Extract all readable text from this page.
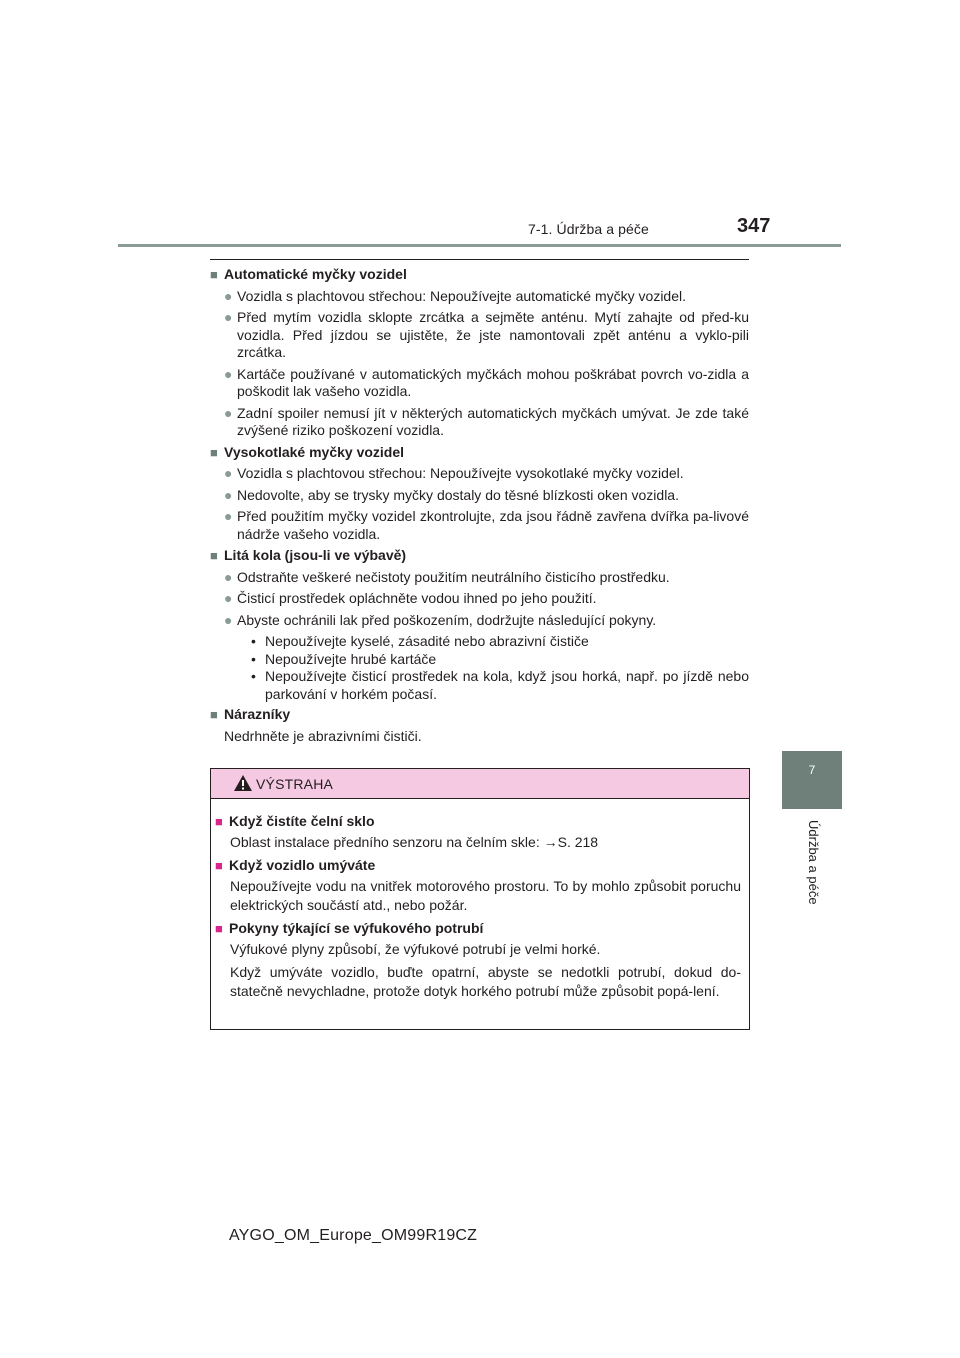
7-1. Údržba a péče	347
7
Údržba a péče
■ Automatické myčky vozidel
● Vozidla s plachtovou střechou: Nepoužívejte automatické myčky vozidel.
● Před mytím vozidla sklopte zrcátka a sejměte anténu. Mytí zahajte od před-ku vozidla. Před jízdou se ujistěte, že jste namontovali zpět anténu a vyklo-pili zrcátka.
● Kartáče používané v automatických myčkách mohou poškrábat povrch vo-zidla a poškodit lak vašeho vozidla.
● Zadní spoiler nemusí jít v některých automatických myčkách umývat. Je zde také zvýšené riziko poškození vozidla.
■ Vysokotlaké myčky vozidel
● Vozidla s plachtovou střechou: Nepoužívejte vysokotlaké myčky vozidel.
● Nedovolte, aby se trysky myčky dostaly do těsné blízkosti oken vozidla.
● Před použitím myčky vozidel zkontrolujte, zda jsou řádně zavřena dvířka pa-livové nádrže vašeho vozidla.
■ Litá kola (jsou-li ve výbavě)
● Odstraňte veškeré nečistoty použitím neutrálního čisticího prostředku.
● Čisticí prostředek opláchněte vodou ihned po jeho použití.
● Abyste ochránili lak před poškozením, dodržujte následující pokyny.
• Nepoužívejte kyselé, zásadité nebo abrazivní čističe
• Nepoužívejte hrubé kartáče
• Nepoužívejte čisticí prostředek na kola, když jsou horká, např. po jízdě nebo parkování v horkém počasí.
■ Nárazníky
Nedrhněte je abrazivními čističi.
VÝSTRAHA
■ Když čistíte čelní sklo
Oblast instalace předního senzoru na čelním skle: →S. 218
■ Když vozidlo umýváte
Nepoužívejte vodu na vnitřek motorového prostoru. To by mohlo způsobit poruchu elektrických součástí atd., nebo požár.
■ Pokyny týkající se výfukového potrubí
Výfukové plyny způsobí, že výfukové potrubí je velmi horké.
Když umýváte vozidlo, buďte opatrní, abyste se nedotkli potrubí, dokud do-statečně nevychladne, protože dotyk horkého potrubí může způsobit popá-lení.
AYGO_OM_Europe_OM99R19CZ
